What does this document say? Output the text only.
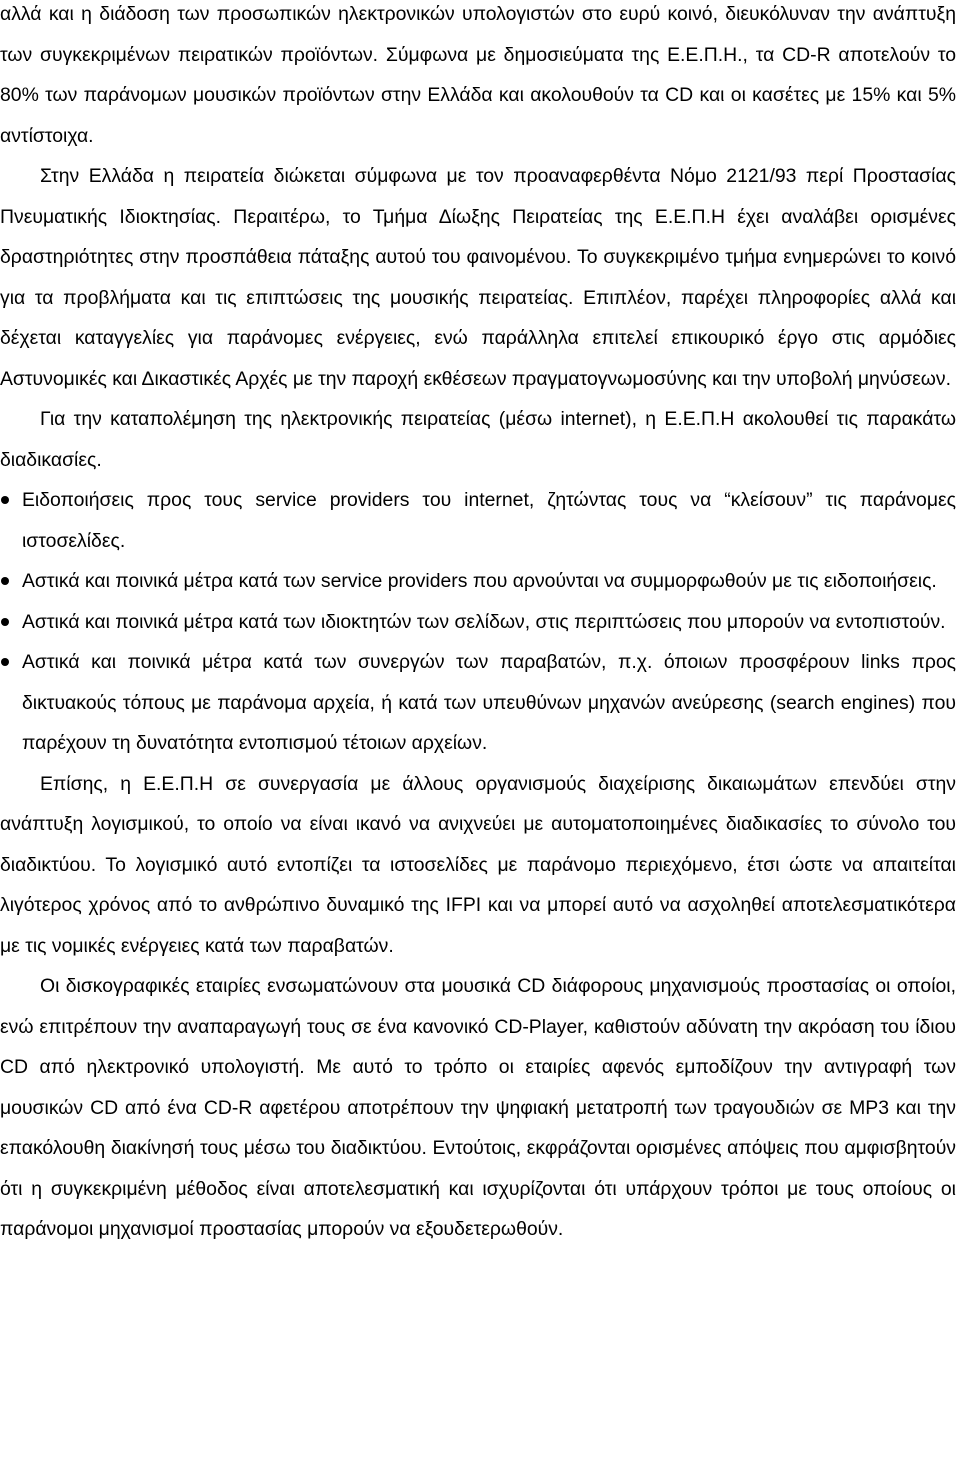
αλλά και η διάδοση των προσωπικών ηλεκτρονικών υπολογιστών στο ευρύ κοινό, διευκόλυναν την ανάπτυξη των συγκεκριμένων πειρατικών προϊόντων. Σύμφωνα με δημοσιεύματα της Ε.Ε.Π.Η., τα CD-R αποτελούν το 80% των παράνομων μουσικών προϊόντων στην Ελλάδα και ακολουθούν τα CD και οι κασέτες με 15% και 5% αντίστοιχα.

Στην Ελλάδα η πειρατεία διώκεται σύμφωνα με τον προαναφερθέντα Νόμο 2121/93 περί Προστασίας Πνευματικής Ιδιοκτησίας. Περαιτέρω, το Τμήμα Δίωξης Πειρατείας της Ε.Ε.Π.Η έχει αναλάβει ορισμένες δραστηριότητες στην προσπάθεια πάταξης αυτού του φαινομένου. Το συγκεκριμένο τμήμα ενημερώνει το κοινό για τα προβλήματα και τις επιπτώσεις της μουσικής πειρατείας. Επιπλέον, παρέχει πληροφορίες αλλά και δέχεται καταγγελίες για παράνομες ενέργειες, ενώ παράλληλα επιτελεί επικουρικό έργο στις αρμόδιες Αστυνομικές και Δικαστικές Αρχές με την παροχή εκθέσεων πραγματογνωμοσύνης και την υποβολή μηνύσεων.

Για την καταπολέμηση της ηλεκτρονικής πειρατείας (μέσω internet), η Ε.Ε.Π.Η ακολουθεί τις παρακάτω διαδικασίες.

Ειδοποιήσεις προς τους service providers του internet, ζητώντας τους να “κλείσουν” τις παράνομες ιστοσελίδες.
Αστικά και ποινικά μέτρα κατά των service providers που αρνούνται να συμμορφωθούν με τις ειδοποιήσεις.
Αστικά και ποινικά μέτρα κατά των ιδιοκτητών των σελίδων, στις περιπτώσεις που μπορούν να εντοπιστούν.
Αστικά και ποινικά μέτρα κατά των συνεργών των παραβατών, π.χ. όποιων προσφέρουν links προς δικτυακούς τόπους με παράνομα αρχεία, ή κατά των υπευθύνων μηχανών ανεύρεσης (search engines) που παρέχουν τη δυνατότητα εντοπισμού τέτοιων αρχείων.

Επίσης, η Ε.Ε.Π.Η σε συνεργασία με άλλους οργανισμούς διαχείρισης δικαιωμάτων επενδύει στην ανάπτυξη λογισμικού, το οποίο να είναι ικανό να ανιχνεύει με αυτοματοποιημένες διαδικασίες το σύνολο του διαδικτύου. Το λογισμικό αυτό εντοπίζει τα ιστοσελίδες με παράνομο περιεχόμενο, έτσι ώστε να απαιτείται λιγότερος χρόνος από το ανθρώπινο δυναμικό της IFPI και να μπορεί αυτό να ασχοληθεί αποτελεσματικότερα με τις νομικές ενέργειες κατά των παραβατών.

Οι δισκογραφικές εταιρίες ενσωματώνουν στα μουσικά CD διάφορους μηχανισμούς προστασίας οι οποίοι, ενώ επιτρέπουν την αναπαραγωγή τους σε ένα κανονικό CD-Player, καθιστούν αδύνατη την ακρόαση του ίδιου CD από ηλεκτρονικό υπολογιστή. Με αυτό το τρόπο οι εταιρίες αφενός εμποδίζουν την αντιγραφή των μουσικών CD από ένα CD-R αφετέρου αποτρέπουν την ψηφιακή μετατροπή των τραγουδιών σε MP3 και την επακόλουθη διακίνησή τους μέσω του διαδικτύου. Εντούτοις, εκφράζονται ορισμένες απόψεις που αμφισβητούν ότι η συγκεκριμένη μέθοδος είναι αποτελεσματική και ισχυρίζονται ότι υπάρχουν τρόποι με τους οποίους οι παράνομοι μηχανισμοί προστασίας μπορούν να εξουδετερωθούν.
